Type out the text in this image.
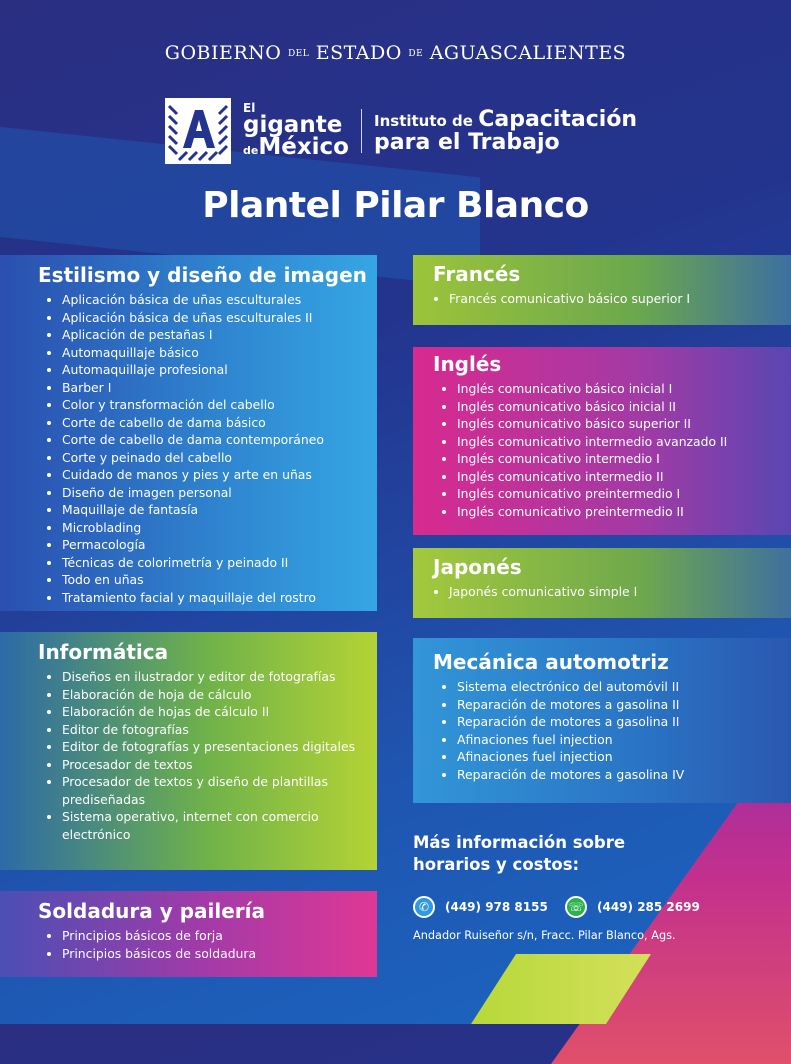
GOBIERNO DEL ESTADO DE AGUASCALIENTES
El
gigante
deMéxico
Instituto de Capacitación
para el Trabajo
Plantel Pilar Blanco
Estilismo y diseño de imagen
• Aplicación básica de uñas esculturales
• Aplicación básica de uñas esculturales II
• Aplicación de pestañas I
• Automaquillaje básico
• Automaquillaje profesional
• Barber I
• Color y transformación del cabello
• Corte de cabello de dama básico
• Corte de cabello de dama contemporáneo
• Corte y peinado del cabello
• Cuidado de manos y pies y arte en uñas
• Diseño de imagen personal
• Maquillaje de fantasía
• Microblading
• Permacología
• Técnicas de colorimetría y peinado II
• Todo en uñas
• Tratamiento facial y maquillaje del rostro
Informática
• Diseños en ilustrador y editor de fotografías
• Elaboración de hoja de cálculo
• Elaboración de hojas de cálculo II
• Editor de fotografías
• Editor de fotografías y presentaciones digitales
• Procesador de textos
• Procesador de textos y diseño de plantillas prediseñadas
• Sistema operativo, internet con comercio electrónico
Soldadura y pailería
• Principios básicos de forja
• Principios básicos de soldadura
Francés
• Francés comunicativo básico superior I
Inglés
• Inglés comunicativo básico inicial I
• Inglés comunicativo básico inicial II
• Inglés comunicativo básico superior II
• Inglés comunicativo intermedio avanzado II
• Inglés comunicativo intermedio I
• Inglés comunicativo intermedio II
• Inglés comunicativo preintermedio I
• Inglés comunicativo preintermedio II
Japonés
• Japonés comunicativo simple I
Mecánica automotriz
• Sistema electrónico del automóvil II
• Reparación de motores a gasolina II
• Reparación de motores a gasolina II
• Afinaciones fuel injection
• Afinaciones fuel injection
• Reparación de motores a gasolina IV
Más información sobre
horarios y costos:
✆	(449) 978 8155 ☏ (449) 285 2699
Andador Ruiseñor s/n, Fracc. Pilar Blanco, Ags.
